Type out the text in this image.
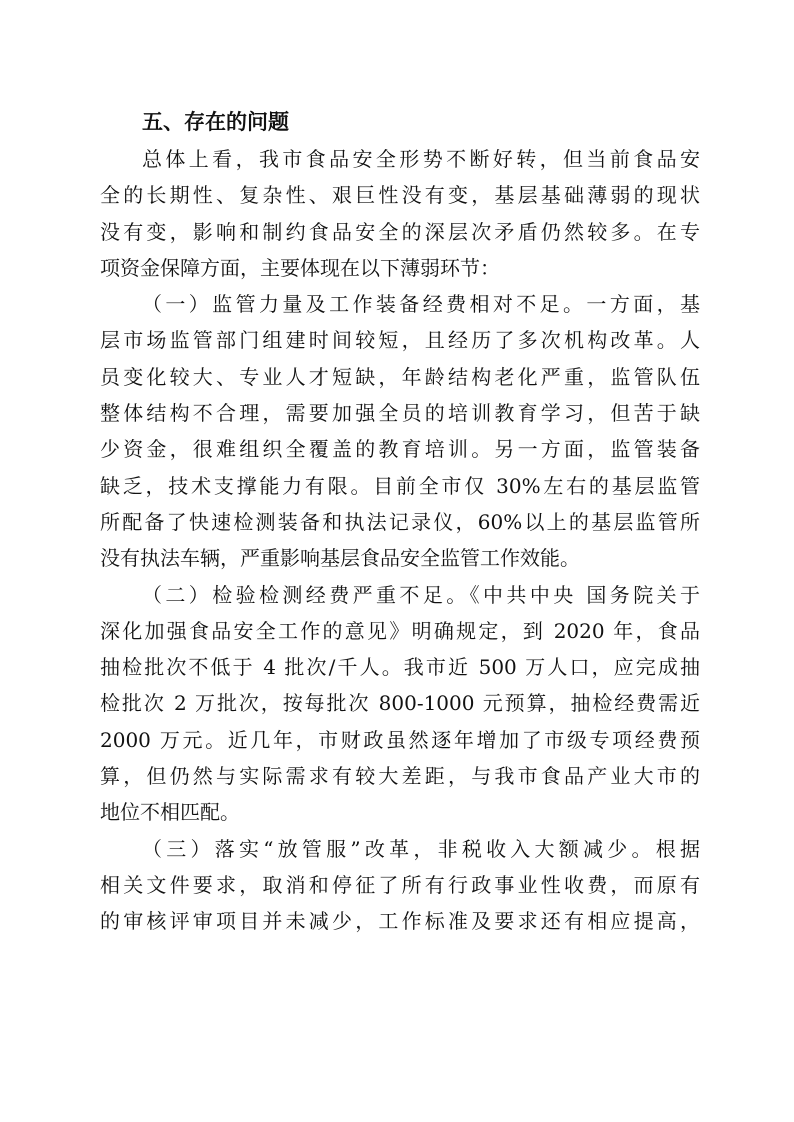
五、存在的问题

总体上看，我市食品安全形势不断好转，但当前食品安
全的长期性、复杂性、艰巨性没有变，基层基础薄弱的现状
没有变，影响和制约食品安全的深层次矛盾仍然较多。在专
项资金保障方面，主要体现在以下薄弱环节：

（一）监管力量及工作装备经费相对不足。一方面，基
层市场监管部门组建时间较短，且经历了多次机构改革。人
员变化较大、专业人才短缺，年龄结构老化严重，监管队伍
整体结构不合理，需要加强全员的培训教育学习，但苦于缺
少资金，很难组织全覆盖的教育培训。另一方面，监管装备
缺乏，技术支撑能力有限。目前全市仅 30%左右的基层监管
所配备了快速检测装备和执法记录仪，60%以上的基层监管所
没有执法车辆，严重影响基层食品安全监管工作效能。

（二）检验检测经费严重不足。《中共中央 国务院关于
深化加强食品安全工作的意见》明确规定，到 2020 年，食品
抽检批次不低于 4 批次/千人。我市近 500 万人口，应完成抽
检批次 2 万批次，按每批次 800-1000 元预算，抽检经费需近
2000 万元。近几年，市财政虽然逐年增加了市级专项经费预
算，但仍然与实际需求有较大差距，与我市食品产业大市的
地位不相匹配。

（三）落实“放管服”改革，非税收入大额减少。根据
相关文件要求，取消和停征了所有行政事业性收费，而原有
的审核评审项目并未减少，工作标准及要求还有相应提高，
